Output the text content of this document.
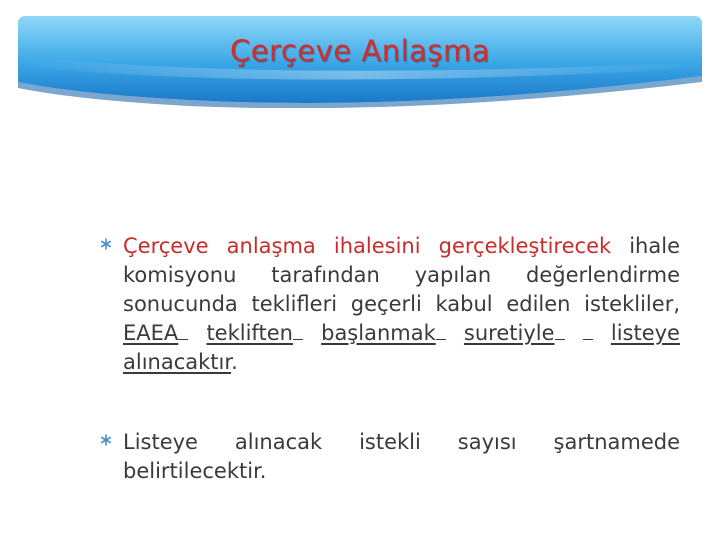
Çerçeve Anlaşma
Çerçeve anlaşma ihalesini gerçekleştirecek ihale komisyonu tarafından yapılan değerlendirme sonucunda teklifleri geçerli kabul edilen istekliler, EAEA tekliften başlanmak suretiyle	listeye alınacaktır.
Listeye alınacak istekli sayısı şartnamede belirtilecektir.
